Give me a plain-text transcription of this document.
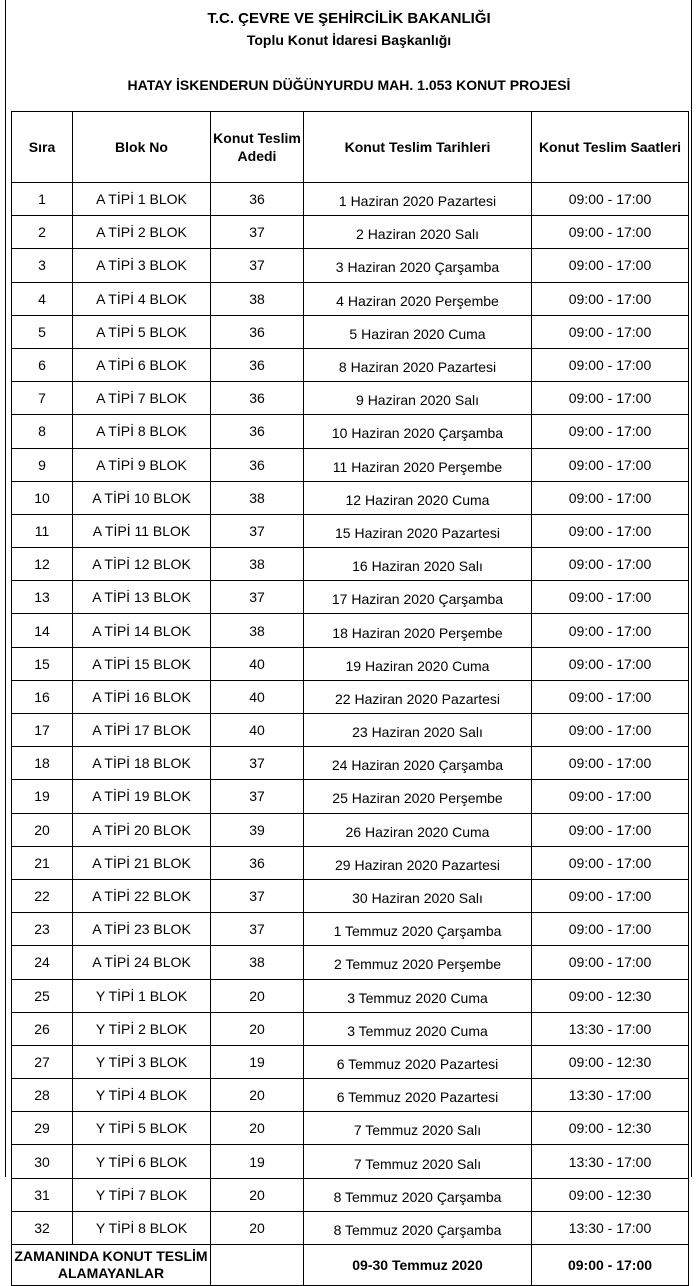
T.C. ÇEVRE VE ŞEHİRCİLİK BAKANLIĞI
Toplu Konut İdaresi Başkanlığı
HATAY İSKENDERUN DÜĞÜNYURDU MAH. 1.053 KONUT PROJESİ
Sıra	Blok No	Konut Teslim Adedi	Konut Teslim Tarihleri	Konut Teslim Saatleri
1	A TİPİ 1 BLOK	36	1 Haziran 2020 Pazartesi	09:00 - 17:00
2	A TİPİ 2 BLOK	37	2 Haziran 2020 Salı	09:00 - 17:00
3	A TİPİ 3 BLOK	37	3 Haziran 2020 Çarşamba	09:00 - 17:00
4	A TİPİ 4 BLOK	38	4 Haziran 2020 Perşembe	09:00 - 17:00
5	A TİPİ 5 BLOK	36	5 Haziran 2020 Cuma	09:00 - 17:00
6	A TİPİ 6 BLOK	36	8 Haziran 2020 Pazartesi	09:00 - 17:00
7	A TİPİ 7 BLOK	36	9 Haziran 2020 Salı	09:00 - 17:00
8	A TİPİ 8 BLOK	36	10 Haziran 2020 Çarşamba	09:00 - 17:00
9	A TİPİ 9 BLOK	36	11 Haziran 2020 Perşembe	09:00 - 17:00
10	A TİPİ 10 BLOK	38	12 Haziran 2020 Cuma	09:00 - 17:00
11	A TİPİ 11 BLOK	37	15 Haziran 2020 Pazartesi	09:00 - 17:00
12	A TİPİ 12 BLOK	38	16 Haziran 2020 Salı	09:00 - 17:00
13	A TİPİ 13 BLOK	37	17 Haziran 2020 Çarşamba	09:00 - 17:00
14	A TİPİ 14 BLOK	38	18 Haziran 2020 Perşembe	09:00 - 17:00
15	A TİPİ 15 BLOK	40	19 Haziran 2020 Cuma	09:00 - 17:00
16	A TİPİ 16 BLOK	40	22 Haziran 2020 Pazartesi	09:00 - 17:00
17	A TİPİ 17 BLOK	40	23 Haziran 2020 Salı	09:00 - 17:00
18	A TİPİ 18 BLOK	37	24 Haziran 2020 Çarşamba	09:00 - 17:00
19	A TİPİ 19 BLOK	37	25 Haziran 2020 Perşembe	09:00 - 17:00
20	A TİPİ 20 BLOK	39	26 Haziran 2020 Cuma	09:00 - 17:00
21	A TİPİ 21 BLOK	36	29 Haziran 2020 Pazartesi	09:00 - 17:00
22	A TİPİ 22 BLOK	37	30 Haziran 2020 Salı	09:00 - 17:00
23	A TİPİ 23 BLOK	37	1 Temmuz 2020 Çarşamba	09:00 - 17:00
24	A TİPİ 24 BLOK	38	2 Temmuz 2020 Perşembe	09:00 - 17:00
25	Y TİPİ 1 BLOK	20	3 Temmuz 2020 Cuma	09:00 - 12:30
26	Y TİPİ 2 BLOK	20	3 Temmuz 2020 Cuma	13:30 - 17:00
27	Y TİPİ 3 BLOK	19	6 Temmuz 2020 Pazartesi	09:00 - 12:30
28	Y TİPİ 4 BLOK	20	6 Temmuz 2020 Pazartesi	13:30 - 17:00
29	Y TİPİ 5 BLOK	20	7 Temmuz 2020 Salı	09:00 - 12:30
30	Y TİPİ 6 BLOK	19	7 Temmuz 2020 Salı	13:30 - 17:00
31	Y TİPİ 7 BLOK	20	8 Temmuz 2020 Çarşamba	09:00 - 12:30
32	Y TİPİ 8 BLOK	20	8 Temmuz 2020 Çarşamba	13:30 - 17:00
ZAMANINDA KONUT TESLİM ALAMAYANLAR			09-30 Temmuz 2020	09:00 - 17:00
